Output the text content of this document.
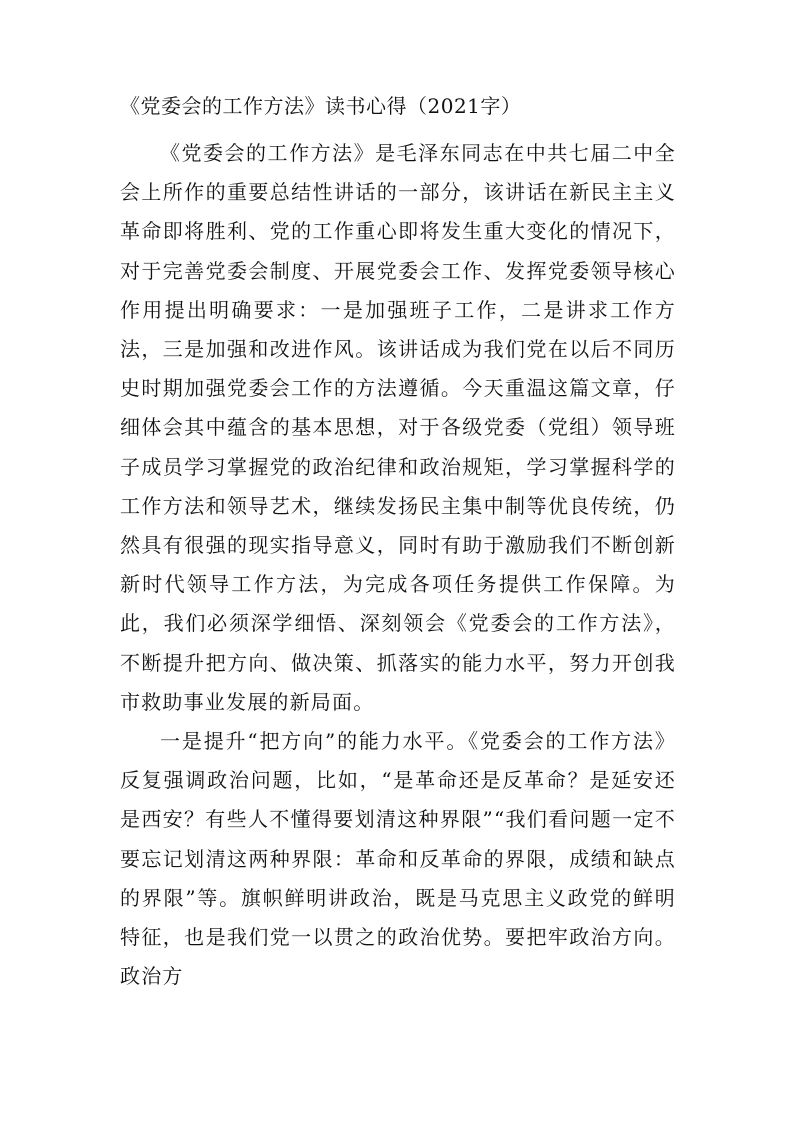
《党委会的工作方法》读书心得（2021字）

《党委会的工作方法》是毛泽东同志在中共七届二中全会上所作的重要总结性讲话的一部分，该讲话在新民主主义革命即将胜利、党的工作重心即将发生重大变化的情况下，对于完善党委会制度、开展党委会工作、发挥党委领导核心作用提出明确要求：一是加强班子工作，二是讲求工作方法，三是加强和改进作风。该讲话成为我们党在以后不同历史时期加强党委会工作的方法遵循。今天重温这篇文章，仔细体会其中蕴含的基本思想，对于各级党委（党组）领导班子成员学习掌握党的政治纪律和政治规矩，学习掌握科学的工作方法和领导艺术，继续发扬民主集中制等优良传统，仍然具有很强的现实指导意义，同时有助于激励我们不断创新新时代领导工作方法，为完成各项任务提供工作保障。为此，我们必须深学细悟、深刻领会《党委会的工作方法》，不断提升把方向、做决策、抓落实的能力水平，努力开创我市救助事业发展的新局面。

一是提升“把方向”的能力水平。《党委会的工作方法》反复强调政治问题，比如，“是革命还是反革命？是延安还是西安？有些人不懂得要划清这种界限”“我们看问题一定不要忘记划清这两种界限：革命和反革命的界限，成绩和缺点的界限”等。旗帜鲜明讲政治，既是马克思主义政党的鲜明特征，也是我们党一以贯之的政治优势。要把牢政治方向。政治方
